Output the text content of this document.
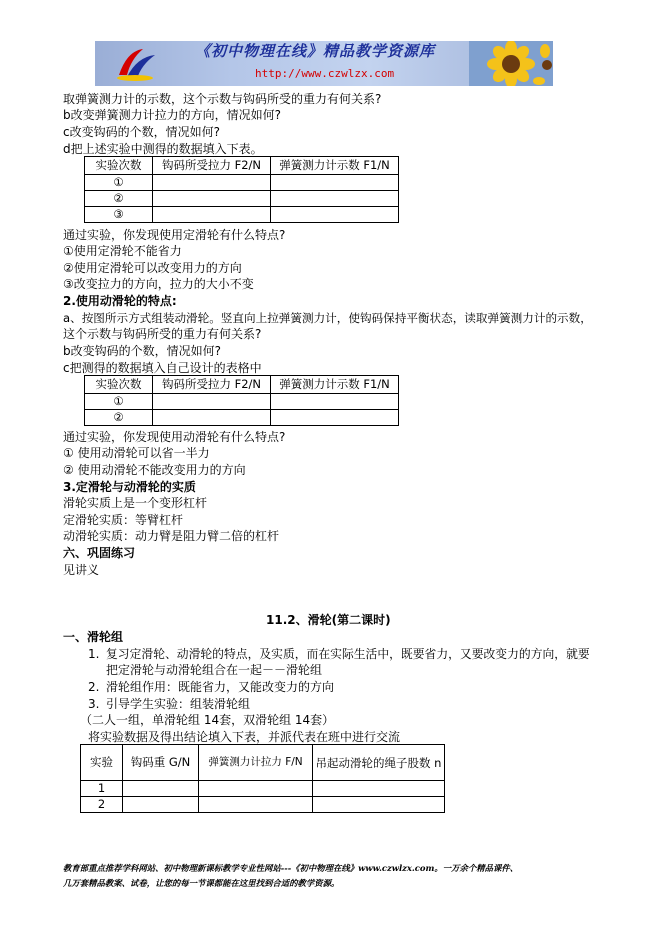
《初中物理在线》精品教学资源库
http://www.czwlzx.com
取弹簧测力计的示数，这个示数与钩码所受的重力有何关系?
b改变弹簧测力计拉力的方向，情况如何?
c改变钩码的个数，情况如何?
d把上述实验中测得的数据填入下表。
实验次数	钩码所受拉力 F2/N	弹簧测力计示数 F1/N
①		
②		
③		
通过实验，你发现使用定滑轮有什么特点?
①使用定滑轮不能省力
②使用定滑轮可以改变用力的方向
③改变拉力的方向，拉力的大小不变
2.使用动滑轮的特点:
a、按图所示方式组装动滑轮。竖直向上拉弹簧测力计，使钩码保持平衡状态，读取弹簧测力计的示数，
这个示数与钩码所受的重力有何关系?
b改变钩码的个数，情况如何?
c把测得的数据填入自己设计的表格中
实验次数	钩码所受拉力 F2/N	弹簧测力计示数 F1/N
①		
②		
通过实验，你发现使用动滑轮有什么特点?
① 使用动滑轮可以省一半力
② 使用动滑轮不能改变用力的方向
3.定滑轮与动滑轮的实质
滑轮实质上是一个变形杠杆
定滑轮实质：等臂杠杆
动滑轮实质：动力臂是阻力臂二倍的杠杆
六、巩固练习
见讲义
11.2、滑轮(第二课时)
一、滑轮组
1. 复习定滑轮、动滑轮的特点，及实质，而在实际生活中，既要省力，又要改变力的方向，就要
把定滑轮与动滑轮组合在一起－－滑轮组
2. 滑轮组作用：既能省力，又能改变力的方向
3. 引导学生实验：组装滑轮组
（二人一组，单滑轮组 14套，双滑轮组 14套）
将实验数据及得出结论填入下表，并派代表在班中进行交流
实验	钩码重 G/N	弹簧测力计拉力 F/N	吊起动滑轮的绳子股数 n
1			
2			
教育部重点推荐学科网站、初中物理新课标教学专业性网站---《初中物理在线》www.czwlzx.com。一万余个精品课件、
几万套精品教案、试卷，让您的每一节课都能在这里找到合适的教学资源。
